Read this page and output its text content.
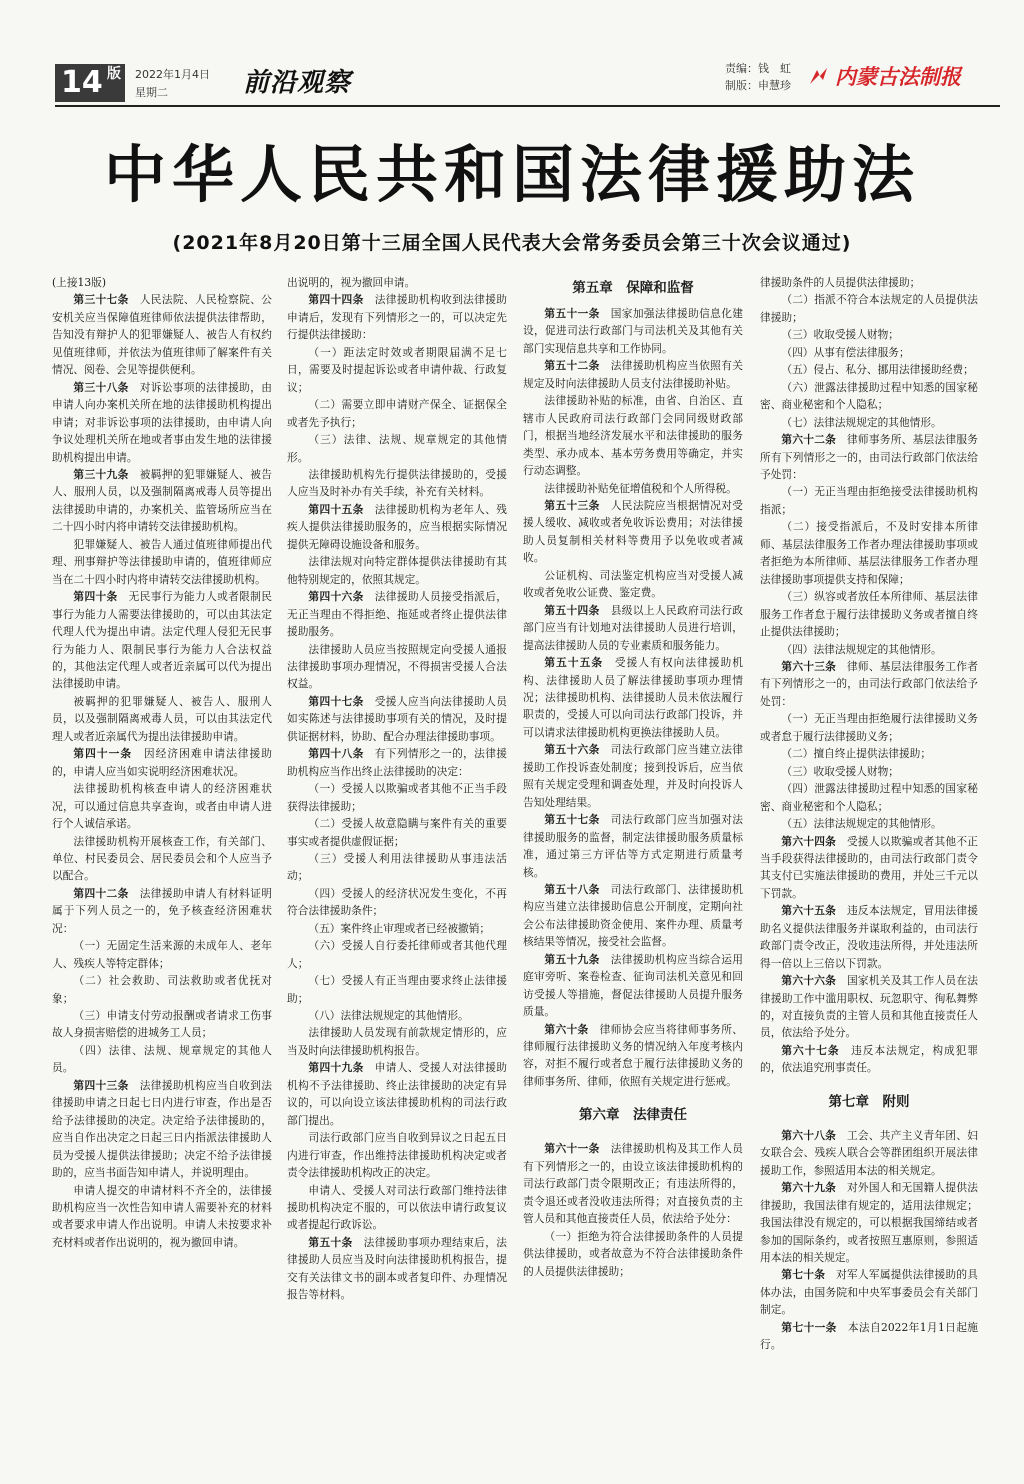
14 版	2022年1月4日
星期二	前沿观察	责编：钱　虹
制版：申慧珍	内蒙古法制报
中华人民共和国法律援助法
(2021年8月20日第十三届全国人民代表大会常务委员会第三十次会议通过)

(上接13版)

第三十七条　 人民法院、人民检察院、公安机关应当保障值班律师依法提供法律帮助，告知没有辩护人的犯罪嫌疑人、被告人有权约见值班律师，并依法为值班律师了解案件有关情况、阅卷、会见等提供便利。

第三十八条　 对诉讼事项的法律援助，由申请人向办案机关所在地的法律援助机构提出申请；对非诉讼事项的法律援助，由申请人向争议处理机关所在地或者事由发生地的法律援助机构提出申请。

第三十九条　 被羁押的犯罪嫌疑人、被告人、服刑人员，以及强制隔离戒毒人员等提出法律援助申请的，办案机关、监管场所应当在二十四小时内将申请转交法律援助机构。

犯罪嫌疑人、被告人通过值班律师提出代理、刑事辩护等法律援助申请的，值班律师应当在二十四小时内将申请转交法律援助机构。

第四十条　 无民事行为能力人或者限制民事行为能力人需要法律援助的，可以由其法定代理人代为提出申请。法定代理人侵犯无民事行为能力人、限制民事行为能力人合法权益的，其他法定代理人或者近亲属可以代为提出法律援助申请。

被羁押的犯罪嫌疑人、被告人、服刑人员，以及强制隔离戒毒人员，可以由其法定代理人或者近亲属代为提出法律援助申请。

第四十一条　 因经济困难申请法律援助的，申请人应当如实说明经济困难状况。

法律援助机构核查申请人的经济困难状况，可以通过信息共享查询，或者由申请人进行个人诚信承诺。

法律援助机构开展核查工作，有关部门、单位、村民委员会、居民委员会和个人应当予以配合。

第四十二条　 法律援助申请人有材料证明属于下列人员之一的，免予核查经济困难状况：

（一）无固定生活来源的未成年人、老年人、残疾人等特定群体；

（二）社会救助、司法救助或者优抚对象；

（三）申请支付劳动报酬或者请求工伤事故人身损害赔偿的进城务工人员；

（四）法律、法规、规章规定的其他人员。

第四十三条　 法律援助机构应当自收到法律援助申请之日起七日内进行审查，作出是否给予法律援助的决定。决定给予法律援助的，应当自作出决定之日起三日内指派法律援助人员为受援人提供法律援助；决定不给予法律援助的，应当书面告知申请人，并说明理由。

申请人提交的申请材料不齐全的，法律援助机构应当一次性告知申请人需要补充的材料或者要求申请人作出说明。申请人未按要求补充材料或者作出说明的，视为撤回申请。

出说明的，视为撤回申请。

第四十四条　 法律援助机构收到法律援助申请后，发现有下列情形之一的，可以决定先行提供法律援助：

（一）距法定时效或者期限届满不足七日，需要及时提起诉讼或者申请仲裁、行政复议；

（二）需要立即申请财产保全、证据保全或者先予执行；

（三）法律、法规、规章规定的其他情形。

法律援助机构先行提供法律援助的，受援人应当及时补办有关手续，补充有关材料。

第四十五条　 法律援助机构为老年人、残疾人提供法律援助服务的，应当根据实际情况提供无障碍设施设备和服务。

法律法规对向特定群体提供法律援助有其他特别规定的，依照其规定。

第四十六条　 法律援助人员接受指派后，无正当理由不得拒绝、拖延或者终止提供法律援助服务。

法律援助人员应当按照规定向受援人通报法律援助事项办理情况，不得损害受援人合法权益。

第四十七条　 受援人应当向法律援助人员如实陈述与法律援助事项有关的情况，及时提供证据材料，协助、配合办理法律援助事项。

第四十八条　 有下列情形之一的，法律援助机构应当作出终止法律援助的决定：

（一）受援人以欺骗或者其他不正当手段获得法律援助；

（二）受援人故意隐瞒与案件有关的重要事实或者提供虚假证据；

（三）受援人利用法律援助从事违法活动；

（四）受援人的经济状况发生变化，不再符合法律援助条件；

（五）案件终止审理或者已经被撤销；

（六）受援人自行委托律师或者其他代理人；

（七）受援人有正当理由要求终止法律援助；

（八）法律法规规定的其他情形。

法律援助人员发现有前款规定情形的，应当及时向法律援助机构报告。

第四十九条　 申请人、受援人对法律援助机构不予法律援助、终止法律援助的决定有异议的，可以向设立该法律援助机构的司法行政部门提出。

司法行政部门应当自收到异议之日起五日内进行审查，作出维持法律援助机构决定或者责令法律援助机构改正的决定。

申请人、受援人对司法行政部门维持法律援助机构决定不服的，可以依法申请行政复议或者提起行政诉讼。

第五十条　 法律援助事项办理结束后，法律援助人员应当及时向法律援助机构报告，提交有关法律文书的副本或者复印件、办理情况报告等材料。

第五章　保障和监督

第五十一条　 国家加强法律援助信息化建设，促进司法行政部门与司法机关及其他有关部门实现信息共享和工作协同。

第五十二条　 法律援助机构应当依照有关规定及时向法律援助人员支付法律援助补贴。

法律援助补贴的标准，由省、自治区、直辖市人民政府司法行政部门会同同级财政部门，根据当地经济发展水平和法律援助的服务类型、承办成本、基本劳务费用等确定，并实行动态调整。

法律援助补贴免征增值税和个人所得税。

第五十三条　 人民法院应当根据情况对受援人缓收、减收或者免收诉讼费用；对法律援助人员复制相关材料等费用予以免收或者减收。

公证机构、司法鉴定机构应当对受援人减收或者免收公证费、鉴定费。

第五十四条　 县级以上人民政府司法行政部门应当有计划地对法律援助人员进行培训，提高法律援助人员的专业素质和服务能力。

第五十五条　 受援人有权向法律援助机构、法律援助人员了解法律援助事项办理情况；法律援助机构、法律援助人员未依法履行职责的，受援人可以向司法行政部门投诉，并可以请求法律援助机构更换法律援助人员。

第五十六条　 司法行政部门应当建立法律援助工作投诉查处制度；接到投诉后，应当依照有关规定受理和调查处理，并及时向投诉人告知处理结果。

第五十七条　 司法行政部门应当加强对法律援助服务的监督，制定法律援助服务质量标准，通过第三方评估等方式定期进行质量考核。

第五十八条　 司法行政部门、法律援助机构应当建立法律援助信息公开制度，定期向社会公布法律援助资金使用、案件办理、质量考核结果等情况，接受社会监督。

第五十九条　 法律援助机构应当综合运用庭审旁听、案卷检查、征询司法机关意见和回访受援人等措施，督促法律援助人员提升服务质量。

第六十条　 律师协会应当将律师事务所、律师履行法律援助义务的情况纳入年度考核内容，对拒不履行或者怠于履行法律援助义务的律师事务所、律师，依照有关规定进行惩戒。

第六章　法律责任

第六十一条　 法律援助机构及其工作人员有下列情形之一的，由设立该法律援助机构的司法行政部门责令限期改正；有违法所得的，责令退还或者没收违法所得；对直接负责的主管人员和其他直接责任人员，依法给予处分：

（一）拒绝为符合法律援助条件的人员提供法律援助，或者故意为不符合法律援助条件的人员提供法律援助；

律援助条件的人员提供法律援助；

（二）指派不符合本法规定的人员提供法律援助；

（三）收取受援人财物；

（四）从事有偿法律服务；

（五）侵占、私分、挪用法律援助经费；

（六）泄露法律援助过程中知悉的国家秘密、商业秘密和个人隐私；

（七）法律法规规定的其他情形。

第六十二条　 律师事务所、基层法律服务所有下列情形之一的，由司法行政部门依法给予处罚：

（一）无正当理由拒绝接受法律援助机构指派；

（二）接受指派后，不及时安排本所律师、基层法律服务工作者办理法律援助事项或者拒绝为本所律师、基层法律服务工作者办理法律援助事项提供支持和保障；

（三）纵容或者放任本所律师、基层法律服务工作者怠于履行法律援助义务或者擅自终止提供法律援助；

（四）法律法规规定的其他情形。

第六十三条　 律师、基层法律服务工作者有下列情形之一的，由司法行政部门依法给予处罚：

（一）无正当理由拒绝履行法律援助义务或者怠于履行法律援助义务；

（二）擅自终止提供法律援助；

（三）收取受援人财物；

（四）泄露法律援助过程中知悉的国家秘密、商业秘密和个人隐私；

（五）法律法规规定的其他情形。

第六十四条　 受援人以欺骗或者其他不正当手段获得法律援助的，由司法行政部门责令其支付已实施法律援助的费用，并处三千元以下罚款。

第六十五条　 违反本法规定，冒用法律援助名义提供法律服务并谋取利益的，由司法行政部门责令改正，没收违法所得，并处违法所得一倍以上三倍以下罚款。

第六十六条　 国家机关及其工作人员在法律援助工作中滥用职权、玩忽职守、徇私舞弊的，对直接负责的主管人员和其他直接责任人员，依法给予处分。

第六十七条　 违反本法规定，构成犯罪的，依法追究刑事责任。

第七章　附则

第六十八条　 工会、共产主义青年团、妇女联合会、残疾人联合会等群团组织开展法律援助工作，参照适用本法的相关规定。

第六十九条　 对外国人和无国籍人提供法律援助，我国法律有规定的，适用法律规定；我国法律没有规定的，可以根据我国缔结或者参加的国际条约，或者按照互惠原则，参照适用本法的相关规定。

第七十条　 对军人军属提供法律援助的具体办法，由国务院和中央军事委员会有关部门制定。

第七十一条　 本法自2022年1月1日起施行。
